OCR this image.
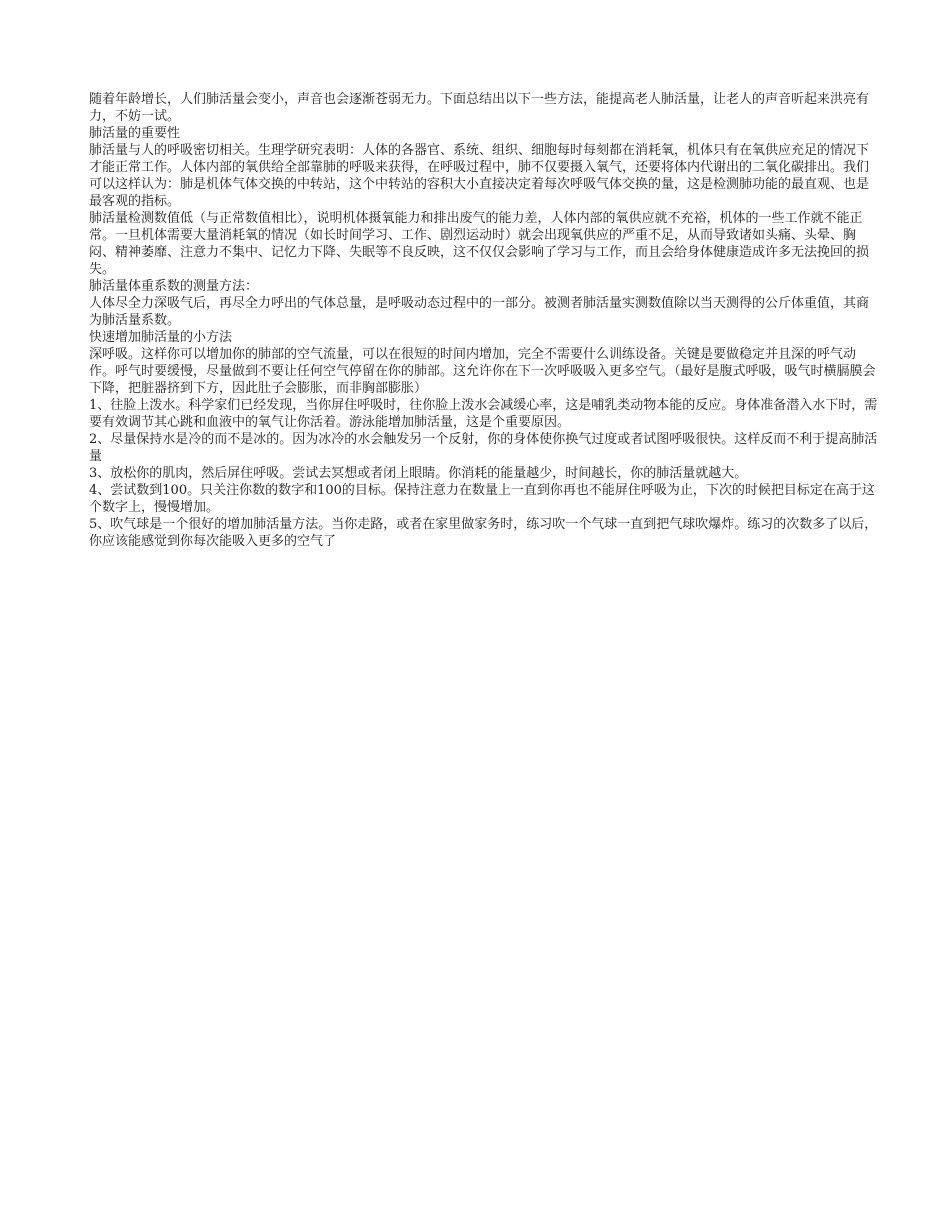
随着年龄增长，人们肺活量会变小，声音也会逐渐苍弱无力。下面总结出以下一些方法，能提高老人肺活量，让老人的声音听起来洪亮有力，不妨一试。

肺活量的重要性

肺活量与人的呼吸密切相关。生理学研究表明：人体的各器官、系统、组织、细胞每时每刻都在消耗氧，机体只有在氧供应充足的情况下才能正常工作。人体内部的氧供给全部靠肺的呼吸来获得，在呼吸过程中，肺不仅要摄入氧气，还要将体内代谢出的二氧化碳排出。我们可以这样认为：肺是机体气体交换的中转站，这个中转站的容积大小直接决定着每次呼吸气体交换的量，这是检测肺功能的最直观、也是最客观的指标。

肺活量检测数值低（与正常数值相比），说明机体摄氧能力和排出废气的能力差，人体内部的氧供应就不充裕，机体的一些工作就不能正常。一旦机体需要大量消耗氧的情况（如长时间学习、工作、剧烈运动时）就会出现氧供应的严重不足，从而导致诸如头痛、头晕、胸闷、精神萎靡、注意力不集中、记忆力下降、失眠等不良反映，这不仅仅会影响了学习与工作，而且会给身体健康造成许多无法挽回的损失。

肺活量体重系数的测量方法：

人体尽全力深吸气后，再尽全力呼出的气体总量，是呼吸动态过程中的一部分。被测者肺活量实测数值除以当天测得的公斤体重值，其商为肺活量系数。

快速增加肺活量的小方法

深呼吸。这样你可以增加你的肺部的空气流量，可以在很短的时间内增加，完全不需要什么训练设备。关键是要做稳定并且深的呼气动作。呼气时要缓慢，尽量做到不要让任何空气停留在你的肺部。这允许你在下一次呼吸吸入更多空气。（最好是腹式呼吸，吸气时横膈膜会下降，把脏器挤到下方，因此肚子会膨胀，而非胸部膨胀）

1、往脸上泼水。科学家们已经发现，当你屏住呼吸时，往你脸上泼水会减缓心率，这是哺乳类动物本能的反应。身体准备潜入水下时，需要有效调节其心跳和血液中的氧气让你活着。游泳能增加肺活量，这是个重要原因。

2、尽量保持水是冷的而不是冰的。因为冰冷的水会触发另一个反射，你的身体使你换气过度或者试图呼吸很快。这样反而不利于提高肺活量

3、放松你的肌肉，然后屏住呼吸。尝试去冥想或者闭上眼睛。你消耗的能量越少，时间越长，你的肺活量就越大。

4、尝试数到100。只关注你数的数字和100的目标。保持注意力在数量上一直到你再也不能屏住呼吸为止，下次的时候把目标定在高于这个数字上，慢慢增加。

5、吹气球是一个很好的增加肺活量方法。当你走路，或者在家里做家务时，练习吹一个气球一直到把气球吹爆炸。练习的次数多了以后，你应该能感觉到你每次能吸入更多的空气了
